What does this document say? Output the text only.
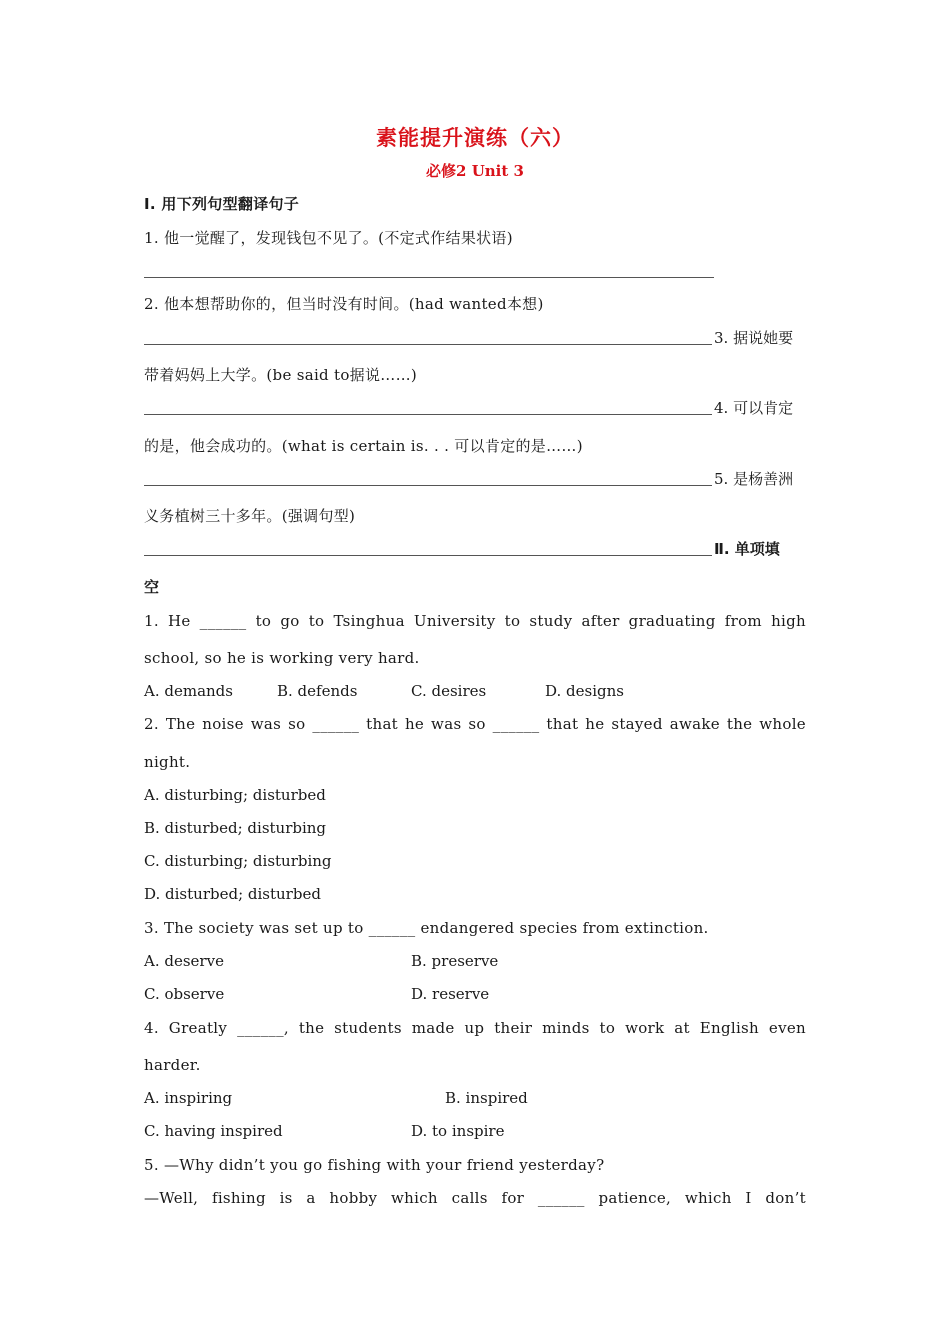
素能提升演练（六）
必修2 Unit 3
Ⅰ. 用下列句型翻译句子
1. 他一觉醒了，发现钱包不见了。(不定式作结果状语)
2. 他本想帮助你的，但当时没有时间。(had wanted本想)
3. 据说她要
带着妈妈上大学。(be said to据说……)
4. 可以肯定
的是，他会成功的。(what is certain is. . . 可以肯定的是……)
5. 是杨善洲
义务植树三十多年。(强调句型)
Ⅱ. 单项填
空
1. He ______ to go to Tsinghua University to study after graduating from high
school, so he is working very hard.
A. demands	B. defends	C. desires	D. designs
2. The noise was so ______ that he was so ______ that he stayed awake the whole
night.
A. disturbing; disturbed
B. disturbed; disturbing
C. disturbing; disturbing
D. disturbed; disturbed
3. The society was set up to ______ endangered species from extinction.
A. deserve	B. preserve
C. observe	D. reserve
4. Greatly ______, the students made up their minds to work at English even
harder.
A. inspiring	B. inspired
C. having inspired	D. to inspire
5. —Why didn’t you go fishing with your friend yesterday?
—Well, fishing is a hobby which calls for ______ patience, which I don’t
